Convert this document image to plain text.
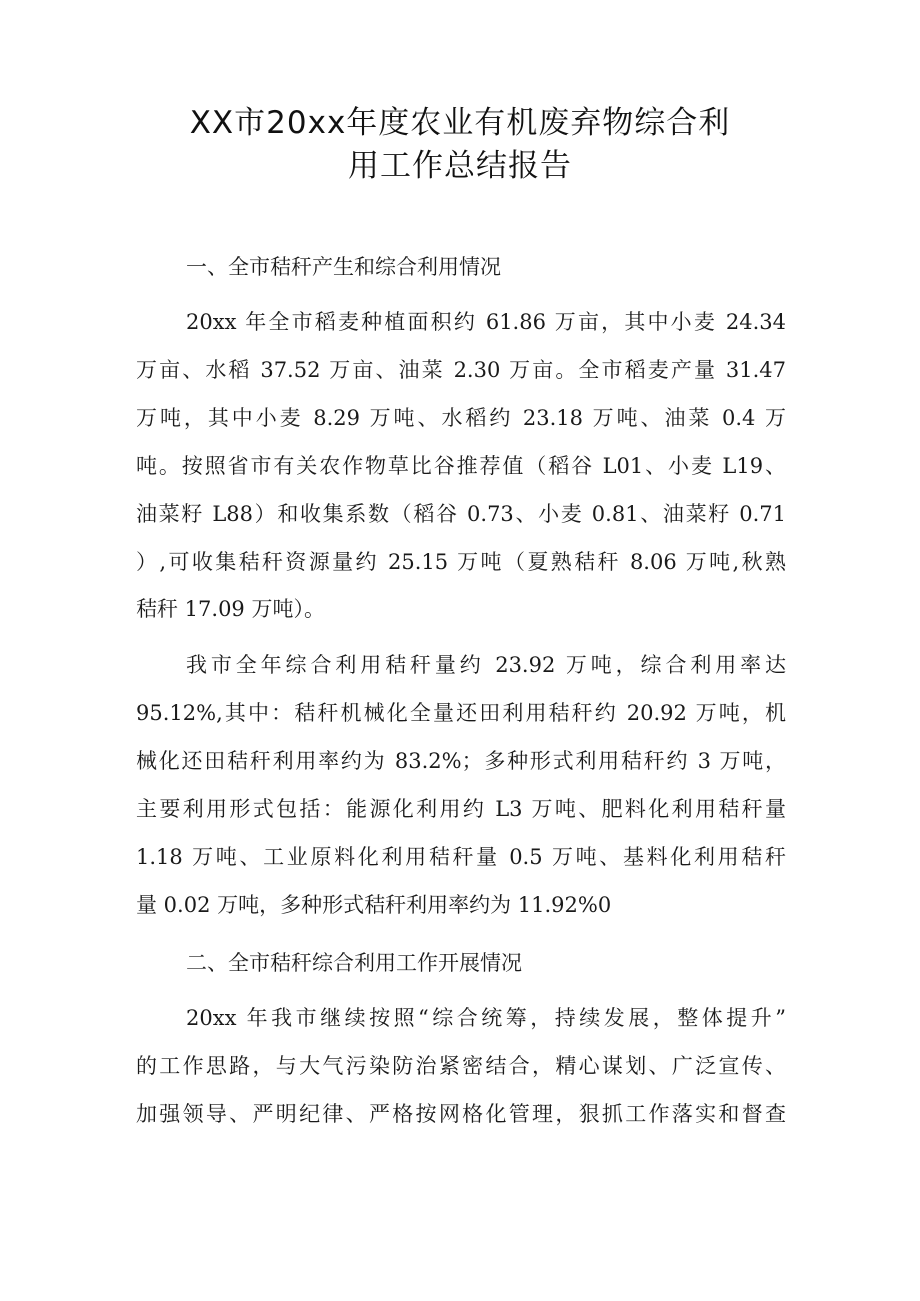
XX市20xx年度农业有机废弃物综合利
用工作总结报告
一、全市秸秆产生和综合利用情况
20xx 年全市稻麦种植面积约 61.86 万亩，其中小麦 24.34
万亩、水稻 37.52 万亩、油菜 2.30 万亩。全市稻麦产量 31.47
万吨，其中小麦 8.29 万吨、水稻约 23.18 万吨、油菜 0.4 万
吨。按照省市有关农作物草比谷推荐值（稻谷 L01、小麦 L19、
油菜籽 L88）和收集系数（稻谷 0.73、小麦 0.81、油菜籽 0.71
）,可收集秸秆资源量约 25.15 万吨（夏熟秸秆 8.06 万吨,秋熟
秸秆 17.09 万吨）。
我市全年综合利用秸秆量约 23.92 万吨，综合利用率达
95.12%,其中：秸秆机械化全量还田利用秸秆约 20.92 万吨，机
械化还田秸秆利用率约为 83.2%；多种形式利用秸秆约 3 万吨，
主要利用形式包括：能源化利用约 L3 万吨、肥料化利用秸秆量
1.18 万吨、工业原料化利用秸秆量 0.5 万吨、基料化利用秸秆
量 0.02 万吨，多种形式秸秆利用率约为 11.92%0
二、全市秸秆综合利用工作开展情况
20xx 年我市继续按照“综合统筹，持续发展，整体提升”
的工作思路，与大气污染防治紧密结合，精心谋划、广泛宣传、
加强领导、严明纪律、严格按网格化管理，狠抓工作落实和督查
